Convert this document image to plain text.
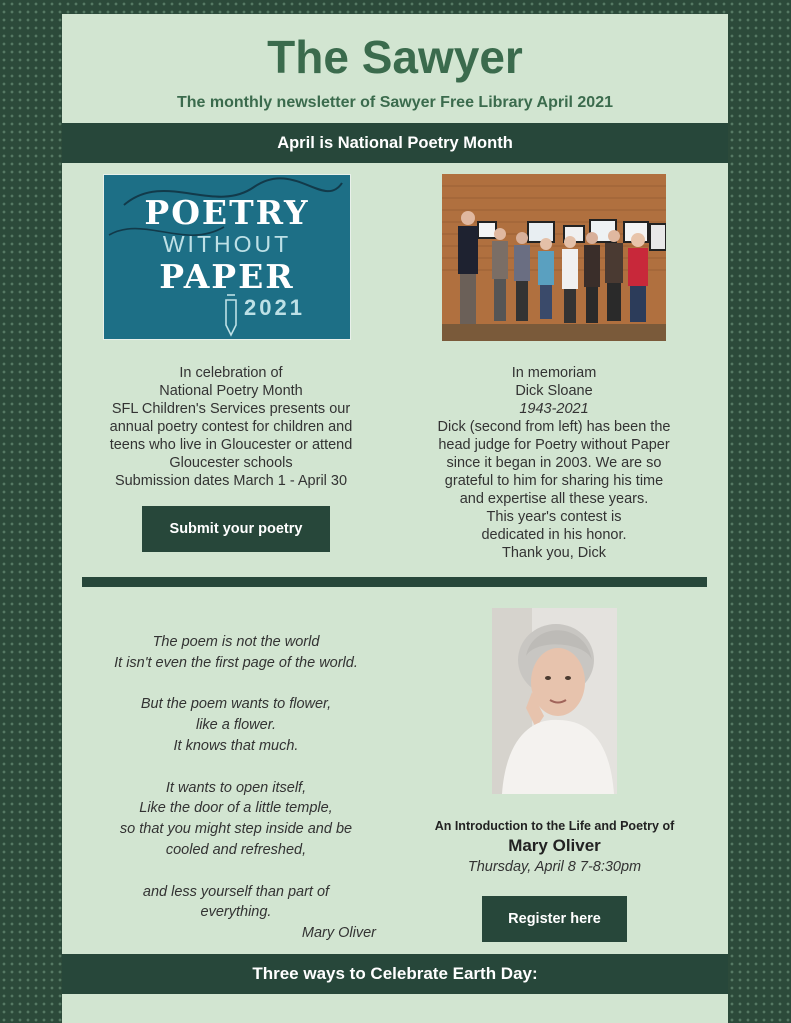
The Sawyer
The monthly newsletter of Sawyer Free Library April 2021
April is National Poetry Month
POETRY
WITHOUT
PAPER
2021
In celebration of
National Poetry Month
SFL Children's Services presents our
annual poetry contest for children and
teens who live in Gloucester or attend
Gloucester schools
Submission dates March 1 - April 30
Submit your poetry
In memoriam
Dick Sloane
1943-2021
Dick (second from left) has been the
head judge for Poetry without Paper
since it began in 2003. We are so
grateful to him for sharing his time
and expertise all these years.
This year's contest is
dedicated in his honor.
Thank you, Dick
The poem is not the world
It isn't even the first page of the world.
But the poem wants to flower,
like a flower.
It knows that much.
It wants to open itself,
Like the door of a little temple,
so that you might step inside and be
cooled and refreshed,
and less yourself than part of
everything.
Mary Oliver
An Introduction to the Life and Poetry of
Mary Oliver
Thursday, April 8 7-8:30pm
Register here
Three ways to Celebrate Earth Day:
